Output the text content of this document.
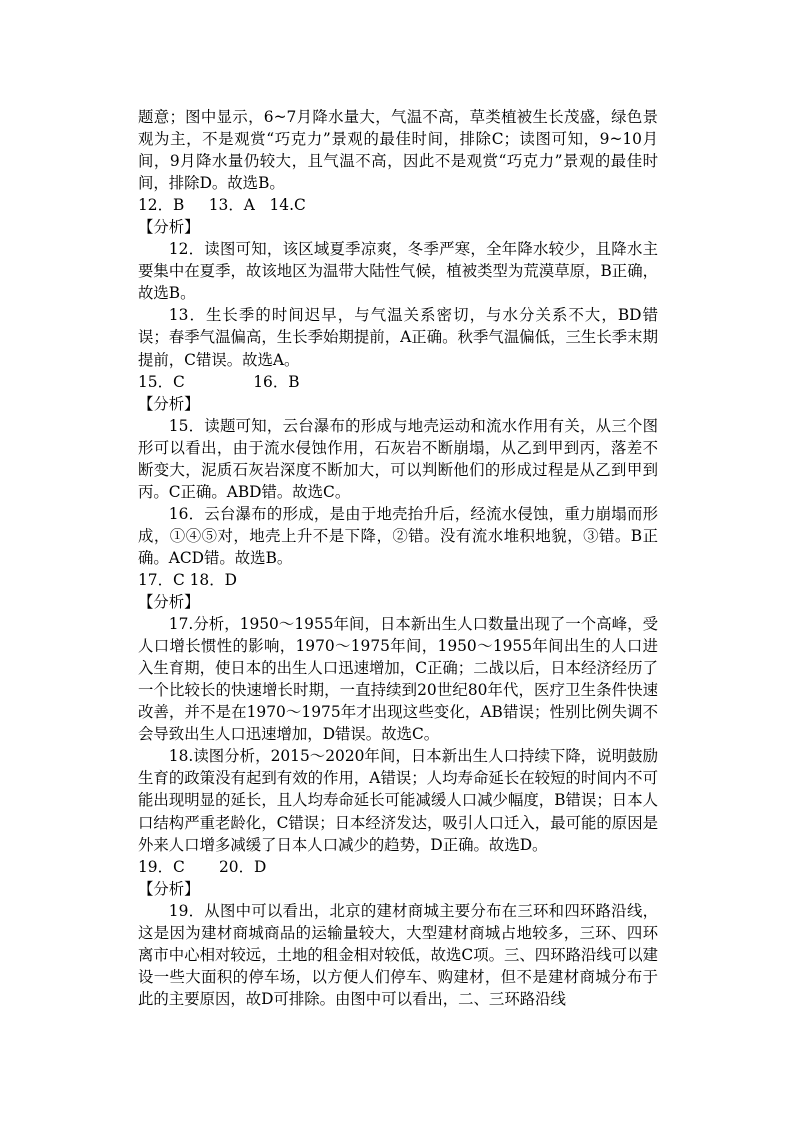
题意；图中显示，6~7月降水量大，气温不高，草类植被生长茂盛，绿色景观为主，不是观赏“巧克力”景观的最佳时间，排除C；读图可知，9~10月间，9月降水量仍较大，且气温不高，因此不是观赏“巧克力”景观的最佳时间，排除D。故选B。

12．B     13．A   14.C

【分析】

12．读图可知，该区域夏季凉爽，冬季严寒，全年降水较少，且降水主要集中在夏季，故该地区为温带大陆性气候，植被类型为荒漠草原，B正确，故选B。

13．生长季的时间迟早，与气温关系密切，与水分关系不大，BD错误；春季气温偏高，生长季始期提前，A正确。秋季气温偏低，三生长季末期提前，C错误。故选A。

15．C              16．B

【分析】

15．读题可知，云台瀑布的形成与地壳运动和流水作用有关，从三个图形可以看出，由于流水侵蚀作用，石灰岩不断崩塌，从乙到甲到丙，落差不断变大，泥质石灰岩深度不断加大，可以判断他们的形成过程是从乙到甲到丙。C正确。ABD错。故选C。

16．云台瀑布的形成，是由于地壳抬升后，经流水侵蚀，重力崩塌而形成，①④⑤对，地壳上升不是下降，②错。没有流水堆积地貌，③错。B正确。ACD错。故选B。

17．C 18．D

【分析】

17.分析，1950～1955年间，日本新出生人口数量出现了一个高峰，受人口增长惯性的影响，1970～1975年间，1950～1955年间出生的人口进入生育期，使日本的出生人口迅速增加，C正确；二战以后，日本经济经历了一个比较长的快速增长时期，一直持续到20世纪80年代，医疗卫生条件快速改善，并不是在1970～1975年才出现这些变化，AB错误；性别比例失调不会导致出生人口迅速增加，D错误。故选C。

18.读图分析，2015～2020年间，日本新出生人口持续下降，说明鼓励生育的政策没有起到有效的作用，A错误；人均寿命延长在较短的时间内不可能出现明显的延长，且人均寿命延长可能减缓人口减少幅度，B错误；日本人口结构严重老龄化，C错误；日本经济发达，吸引人口迁入，最可能的原因是外来人口增多减缓了日本人口减少的趋势，D正确。故选D。

19．C       20．D

【分析】

19．从图中可以看出，北京的建材商城主要分布在三环和四环路沿线，这是因为建材商城商品的运输量较大，大型建材商城占地较多，三环、四环离市中心相对较远，土地的租金相对较低，故选C项。三、四环路沿线可以建设一些大面积的停车场，以方便人们停车、购建材，但不是建材商城分布于此的主要原因，故D可排除。由图中可以看出，二、三环路沿线
